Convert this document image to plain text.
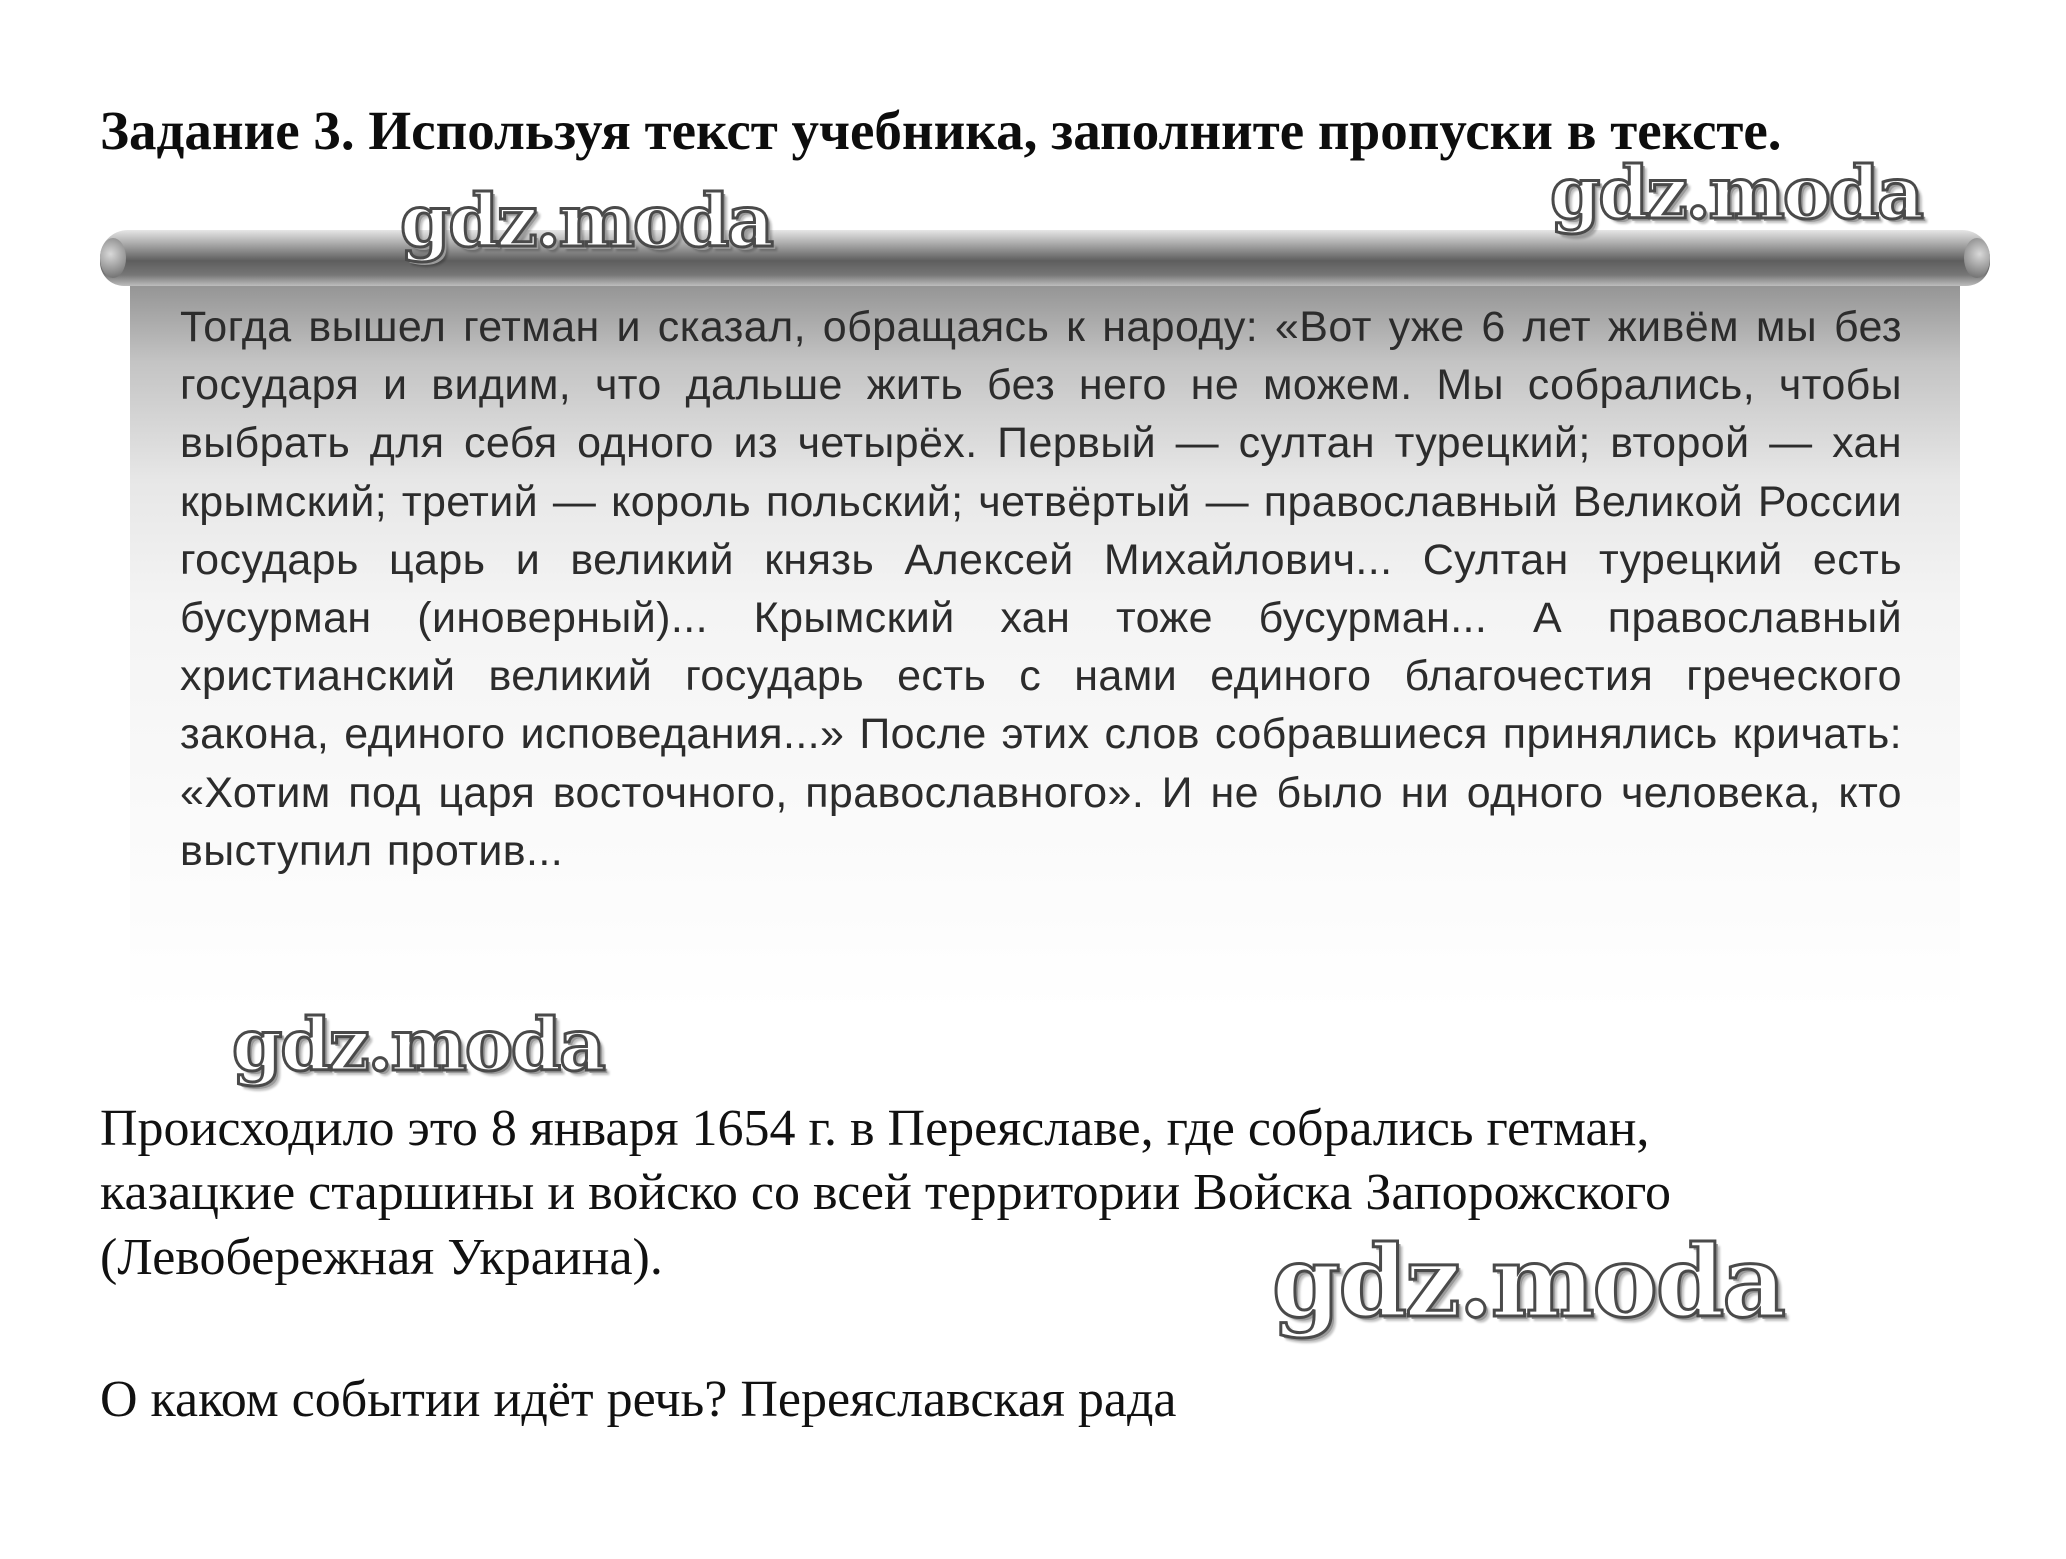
Задание 3. Используя текст учебника, заполните пропуски в тексте.
Тогда вышел гетман и сказал, обращаясь к народу: «Вот уже 6 лет живём мы без государя и видим, что дальше жить без него не можем. Мы собрались, чтобы выбрать для себя одного из четырёх. Первый — султан турецкий; второй — хан крымский; третий — король польский; четвёртый — православный Великой России государь царь и великий князь Алексей Михайлович... Султан турецкий есть бусурман (иноверный)... Крымский хан тоже бусурман... А православный христианский великий государь есть с нами единого благочестия греческого закона, единого исповедания...» После этих слов собравшиеся принялись кричать: «Хотим под царя восточного, православного». И не было ни одного человека, кто выступил против...
Происходило это 8 января 1654 г. в Переяславе, где собрались гетман,
казацкие старшины и войско со всей территории Войска Запорожского
(Левобережная Украина).
О каком событии идёт речь? Переяславская рада
gdz.moda	gdz.moda
gdz.moda
gdz.moda
